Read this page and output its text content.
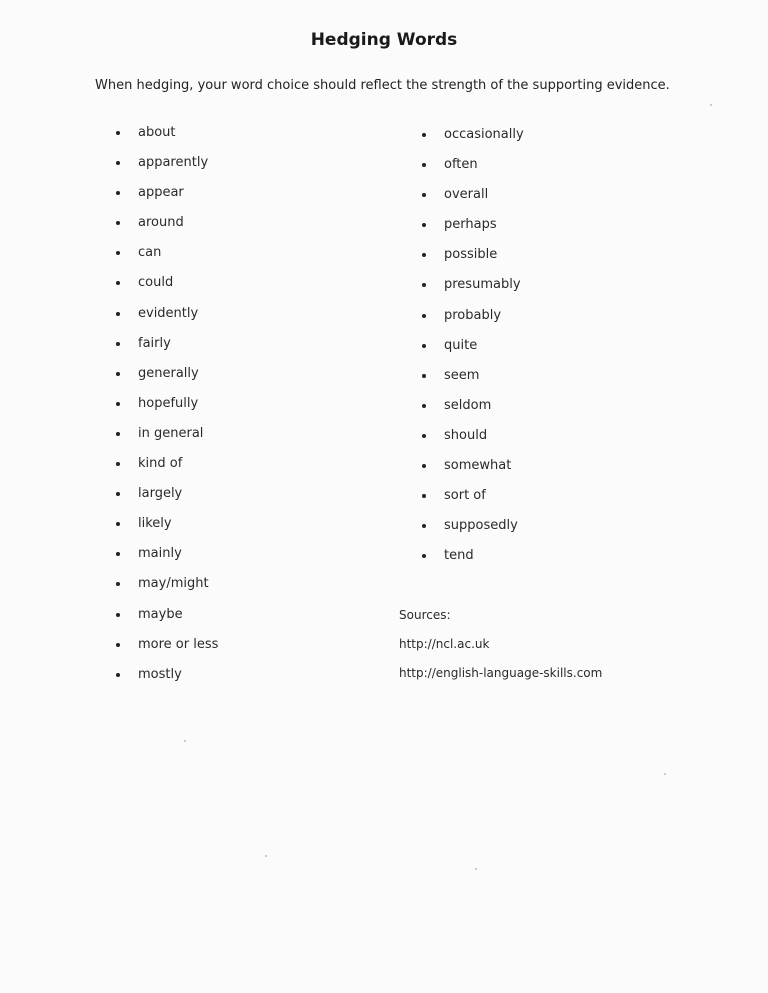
Hedging Words
When hedging, your word choice should reflect the strength of the supporting evidence.
about
apparently
appear
around
can
could
evidently
fairly
generally
hopefully
in general
kind of
largely
likely
mainly
may/might
maybe
more or less
mostly
occasionally
often
overall
perhaps
possible
presumably
probably
quite
seem
seldom
should
somewhat
sort of
supposedly
tend
Sources:
http://ncl.ac.uk
http://english-language-skills.com
